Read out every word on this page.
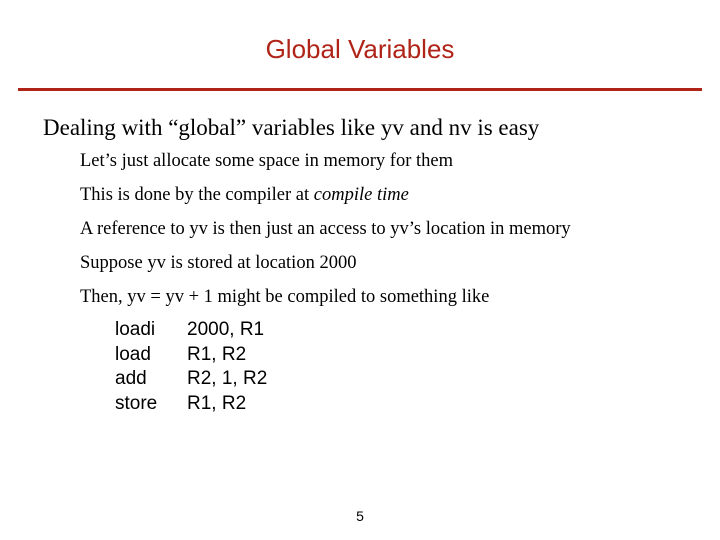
Global Variables
Dealing with “global” variables like yv and nv is easy
Let’s just allocate some space in memory for them
This is done by the compiler at compile time
A reference to yv is then just an access to yv’s location in memory
Suppose yv is stored at location 2000
Then, yv = yv + 1 might be compiled to something like
loadi	2000, R1
load	R1, R2
add	R2, 1, R2
store	R1, R2
5
